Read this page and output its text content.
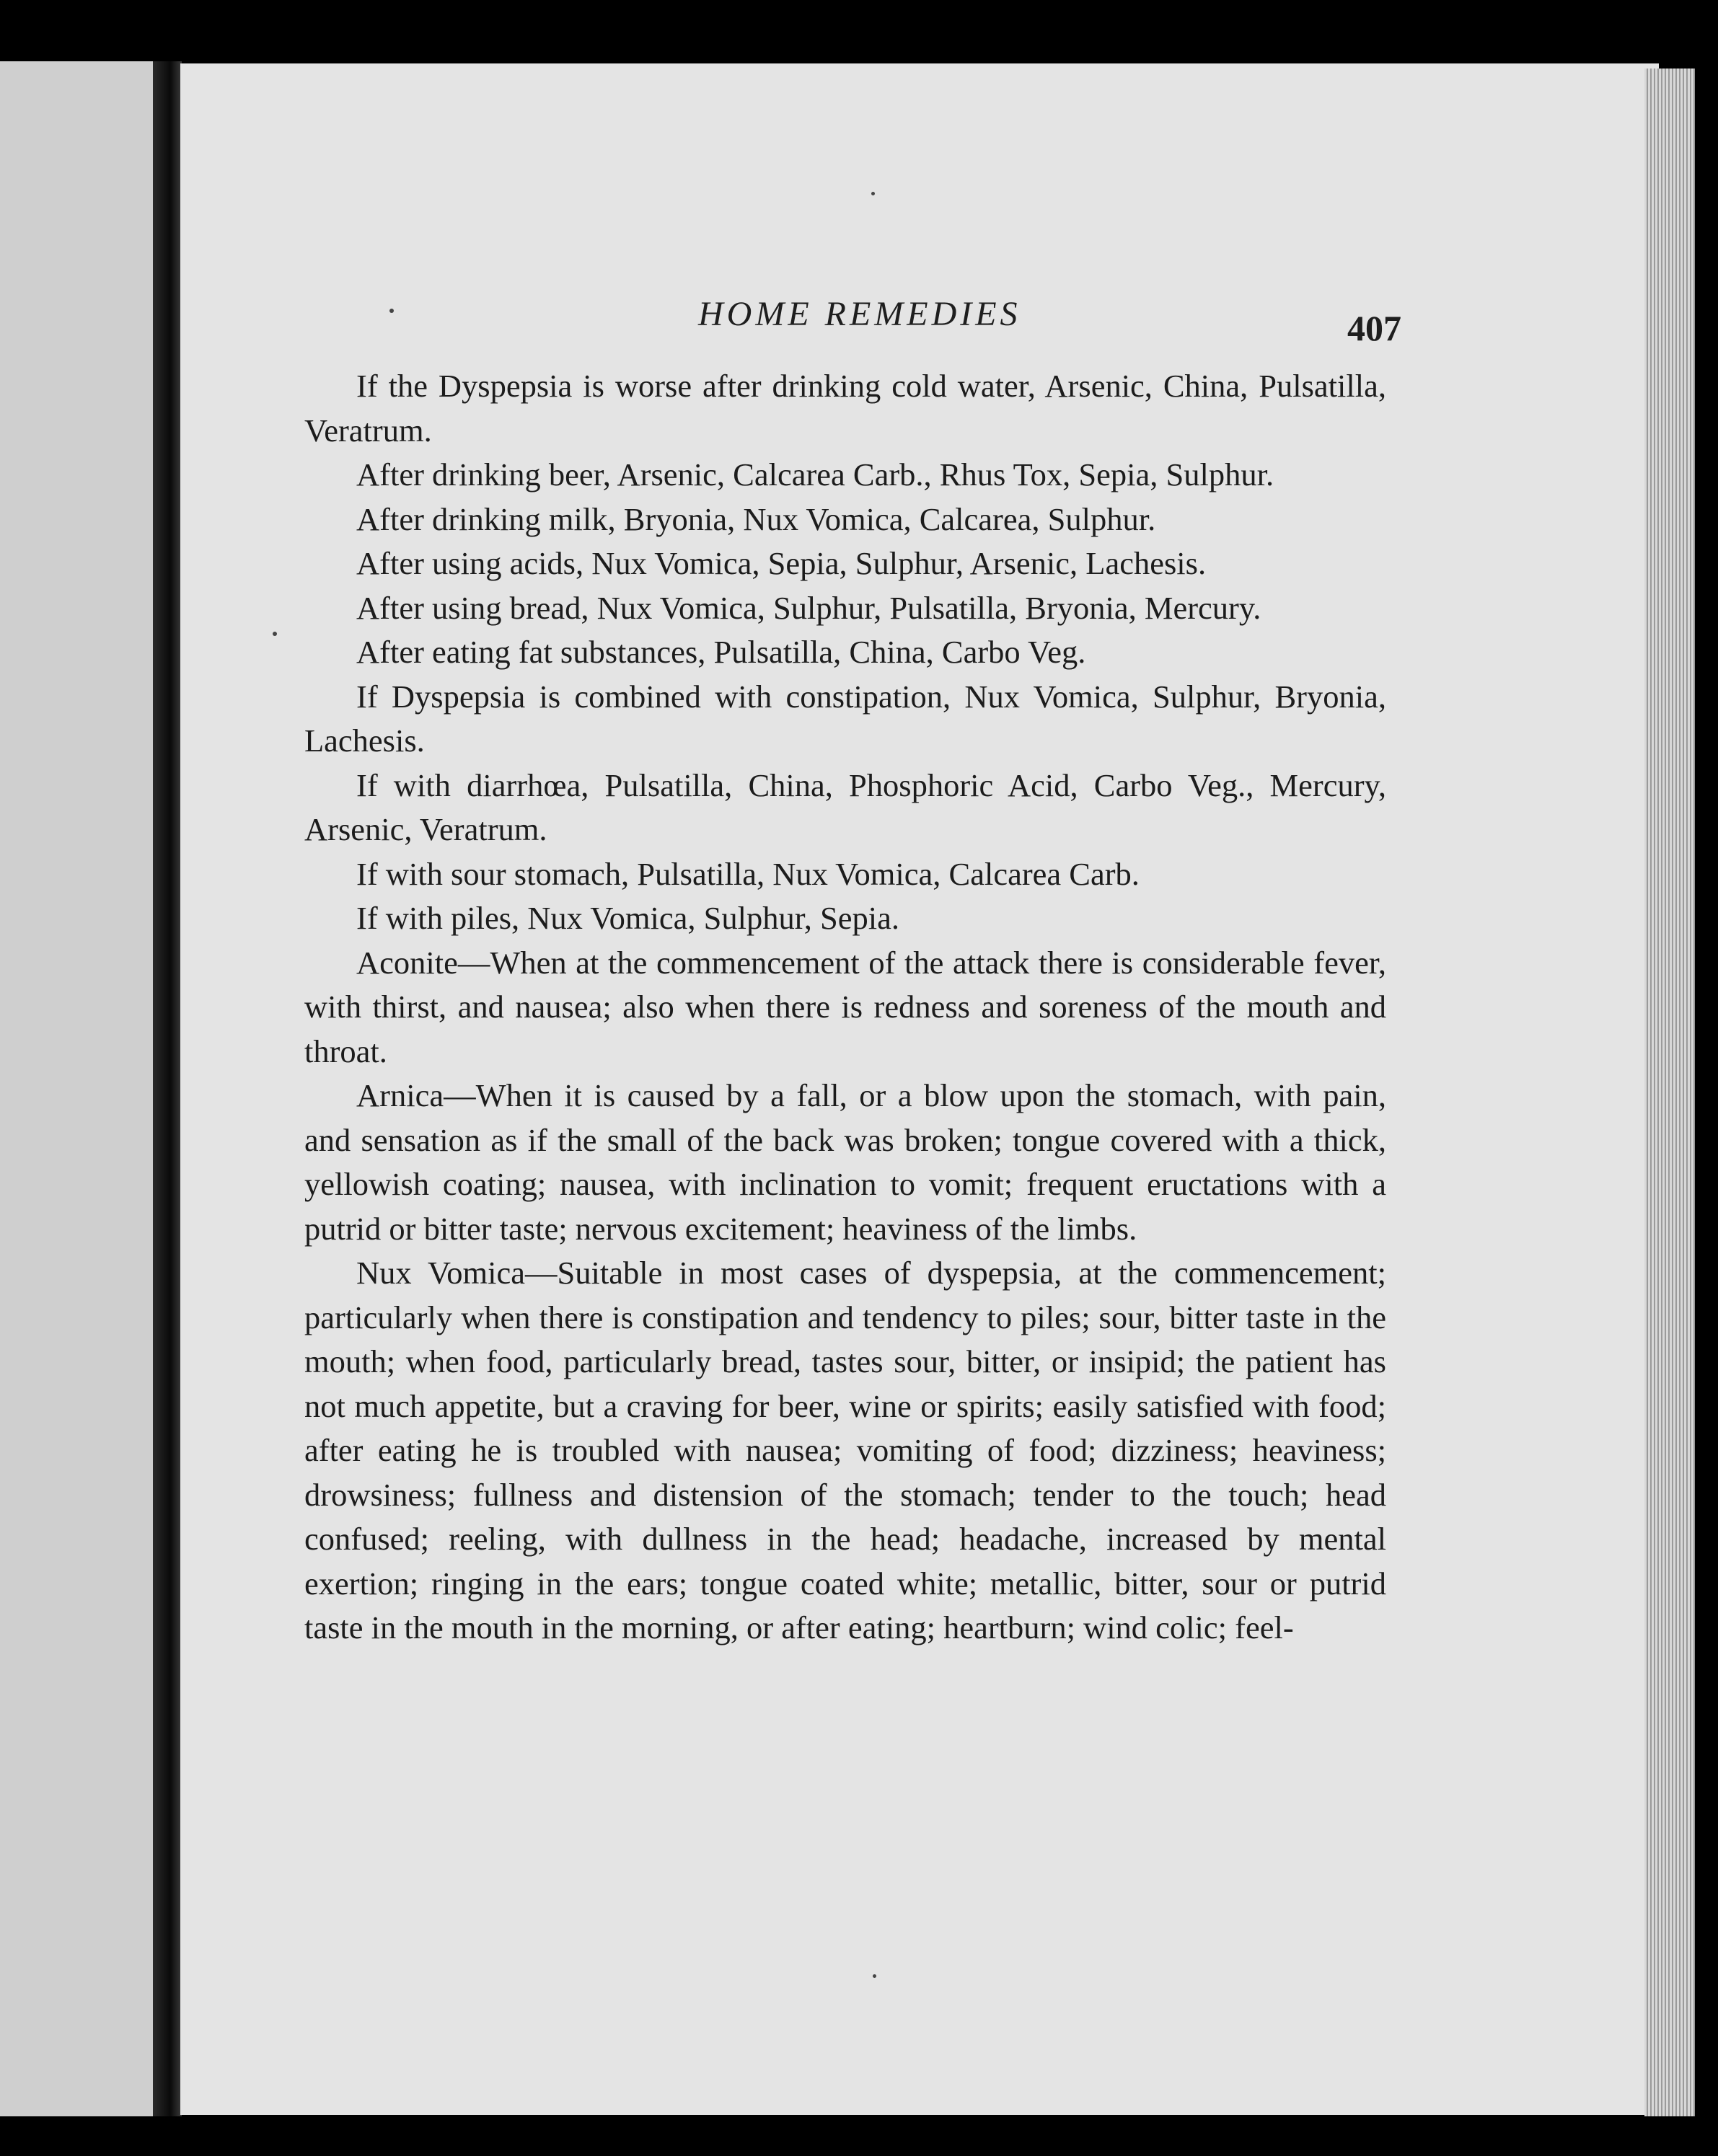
HOME REMEDIES	407

If the Dyspepsia is worse after drinking cold water, Arsenic, China, Pulsatilla, Veratrum.

After drinking beer, Arsenic, Calcarea Carb., Rhus Tox, Sepia, Sulphur.

After drinking milk, Bryonia, Nux Vomica, Calcarea, Sulphur.

After using acids, Nux Vomica, Sepia, Sulphur, Arsenic, Lachesis.

After using bread, Nux Vomica, Sulphur, Pulsatilla, Bryonia, Mercury.

After eating fat substances, Pulsatilla, China, Carbo Veg.

If Dyspepsia is combined with constipation, Nux Vomica, Sulphur, Bryonia, Lachesis.

If with diarrhœa, Pulsatilla, China, Phosphoric Acid, Carbo Veg., Mercury, Arsenic, Veratrum.

If with sour stomach, Pulsatilla, Nux Vomica, Calcarea Carb.

If with piles, Nux Vomica, Sulphur, Sepia.

Aconite—When at the commencement of the attack there is considerable fever, with thirst, and nausea; also when there is redness and soreness of the mouth and throat.

Arnica—When it is caused by a fall, or a blow upon the stomach, with pain, and sensation as if the small of the back was broken; tongue covered with a thick, yellowish coating; nausea, with inclination to vomit; frequent eructations with a putrid or bitter taste; nervous excitement; heaviness of the limbs.

Nux Vomica—Suitable in most cases of dyspepsia, at the commencement; particularly when there is constipation and tendency to piles; sour, bitter taste in the mouth; when food, particularly bread, tastes sour, bitter, or insipid; the patient has not much appetite, but a craving for beer, wine or spirits; easily satisfied with food; after eating he is troubled with nausea; vomiting of food; dizziness; heaviness; drowsiness; fullness and distension of the stomach; tender to the touch; head confused; reeling, with dullness in the head; headache, increased by mental exertion; ringing in the ears; tongue coated white; metallic, bitter, sour or putrid taste in the mouth in the morning, or after eating; heartburn; wind colic; feel-
